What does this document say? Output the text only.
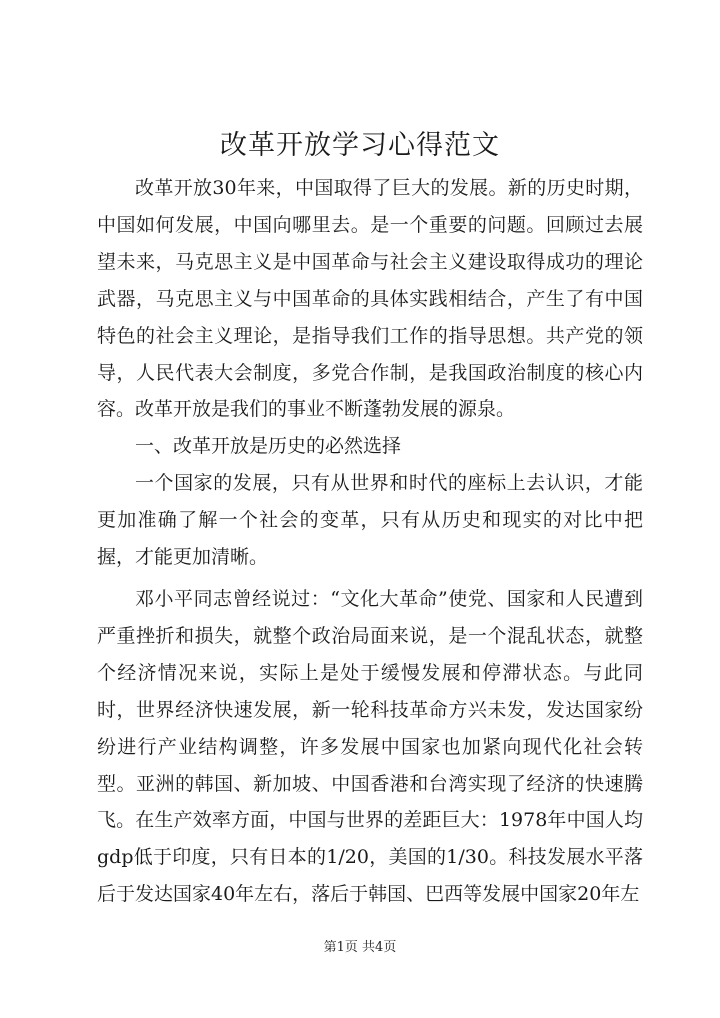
改革开放学习心得范文

改革开放30年来，中国取得了巨大的发展。新的历史时期，中国如何发展，中国向哪里去。是一个重要的问题。回顾过去展望未来，马克思主义是中国革命与社会主义建设取得成功的理论武器，马克思主义与中国革命的具体实践相结合，产生了有中国特色的社会主义理论，是指导我们工作的指导思想。共产党的领导，人民代表大会制度，多党合作制，是我国政治制度的核心内容。改革开放是我们的事业不断蓬勃发展的源泉。

一、改革开放是历史的必然选择

一个国家的发展，只有从世界和时代的座标上去认识，才能更加准确了解一个社会的变革，只有从历史和现实的对比中把握，才能更加清晰。

邓小平同志曾经说过：“文化大革命”使党、国家和人民遭到严重挫折和损失，就整个政治局面来说，是一个混乱状态，就整个经济情况来说，实际上是处于缓慢发展和停滞状态。与此同时，世界经济快速发展，新一轮科技革命方兴未发，发达国家纷纷进行产业结构调整，许多发展中国家也加紧向现代化社会转型。亚洲的韩国、新加坡、中国香港和台湾实现了经济的快速腾飞。在生产效率方面，中国与世界的差距巨大：1978年中国人均gdp低于印度，只有日本的1/20，美国的1/30。科技发展水平落后于发达国家40年左右，落后于韩国、巴西等发展中国家20年左

第1页 共4页
